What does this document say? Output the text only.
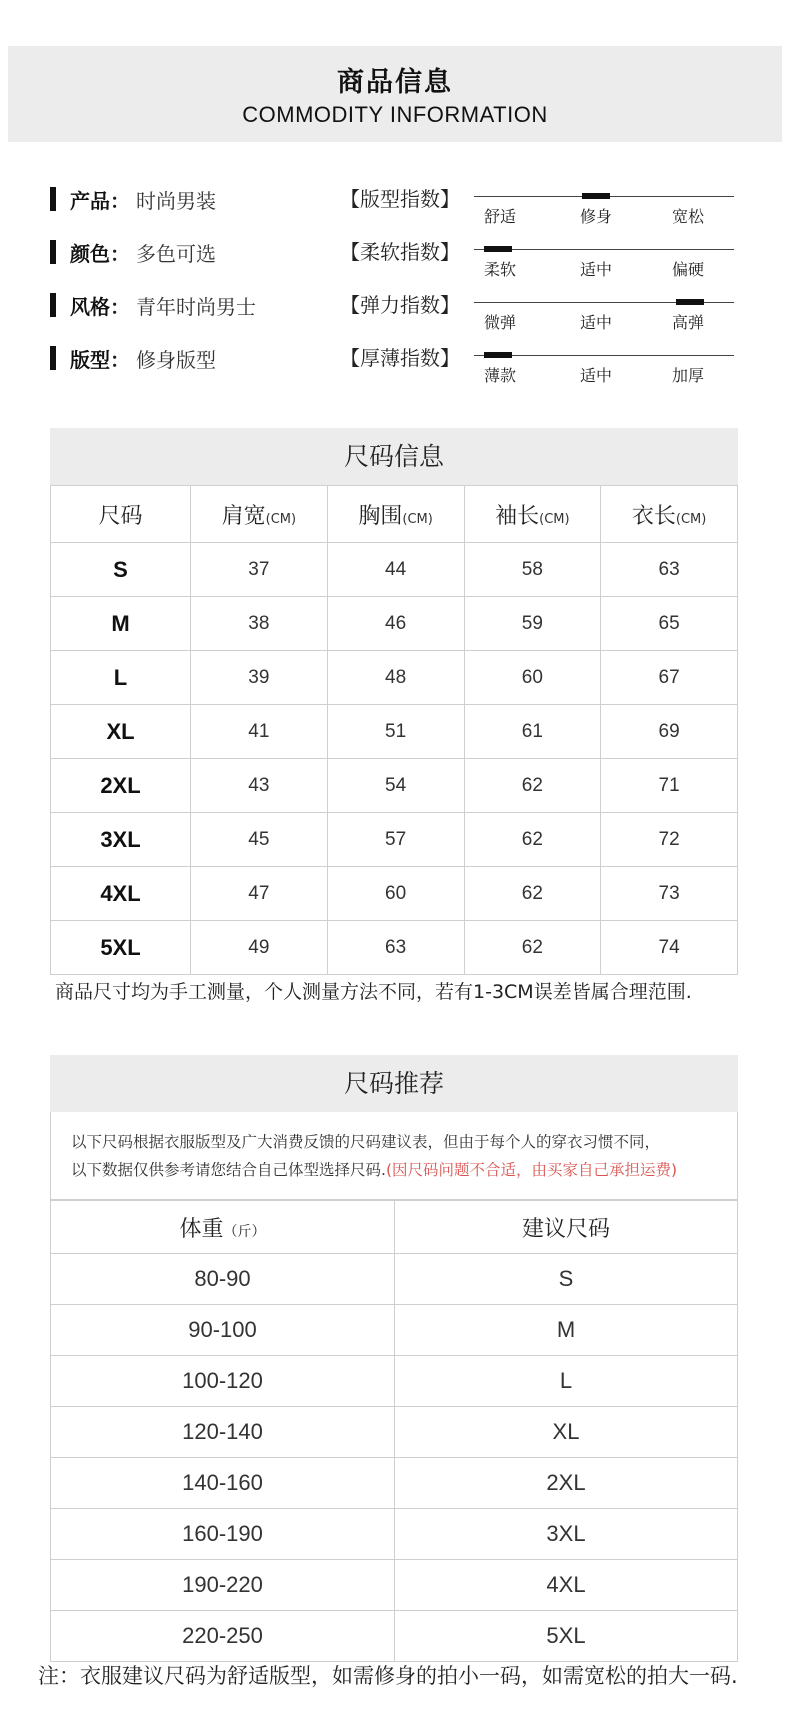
商品信息
COMMODITY INFORMATION
产品 ： 时尚男装
颜色 ： 多色可选
风格 ： 青年时尚男士
版型 ： 修身版型
【版型指数】
【柔软指数】
【弹力指数】
【厚薄指数】
舒适	修身	宽松
柔软	适中	偏硬
微弹	适中	高弹
薄款	适中	加厚
尺码信息
尺码	肩宽(CM)	胸围(CM)	袖长(CM)	衣长(CM)
S	37	44	58	63
M	38	46	59	65
L	39	48	60	67
XL	41	51	61	69
2XL	43	54	62	71
3XL	45	57	62	72
4XL	47	60	62	73
5XL	49	63	62	74
商品尺寸均为手工测量，个人测量方法不同，若有1-3CM误差皆属合理范围.
尺码推荐
以下尺码根据衣服版型及广大消费反馈的尺码建议表，但由于每个人的穿衣习惯不同，
以下数据仅供参考请您结合自己体型选择尺码.(因尺码问题不合适，由买家自己承担运费)
体重（斤）	建议尺码
80-90	S
90-100	M
100-120	L
120-140	XL
140-160	2XL
160-190	3XL
190-220	4XL
220-250	5XL
注：衣服建议尺码为舒适版型，如需修身的拍小一码，如需宽松的拍大一码.
